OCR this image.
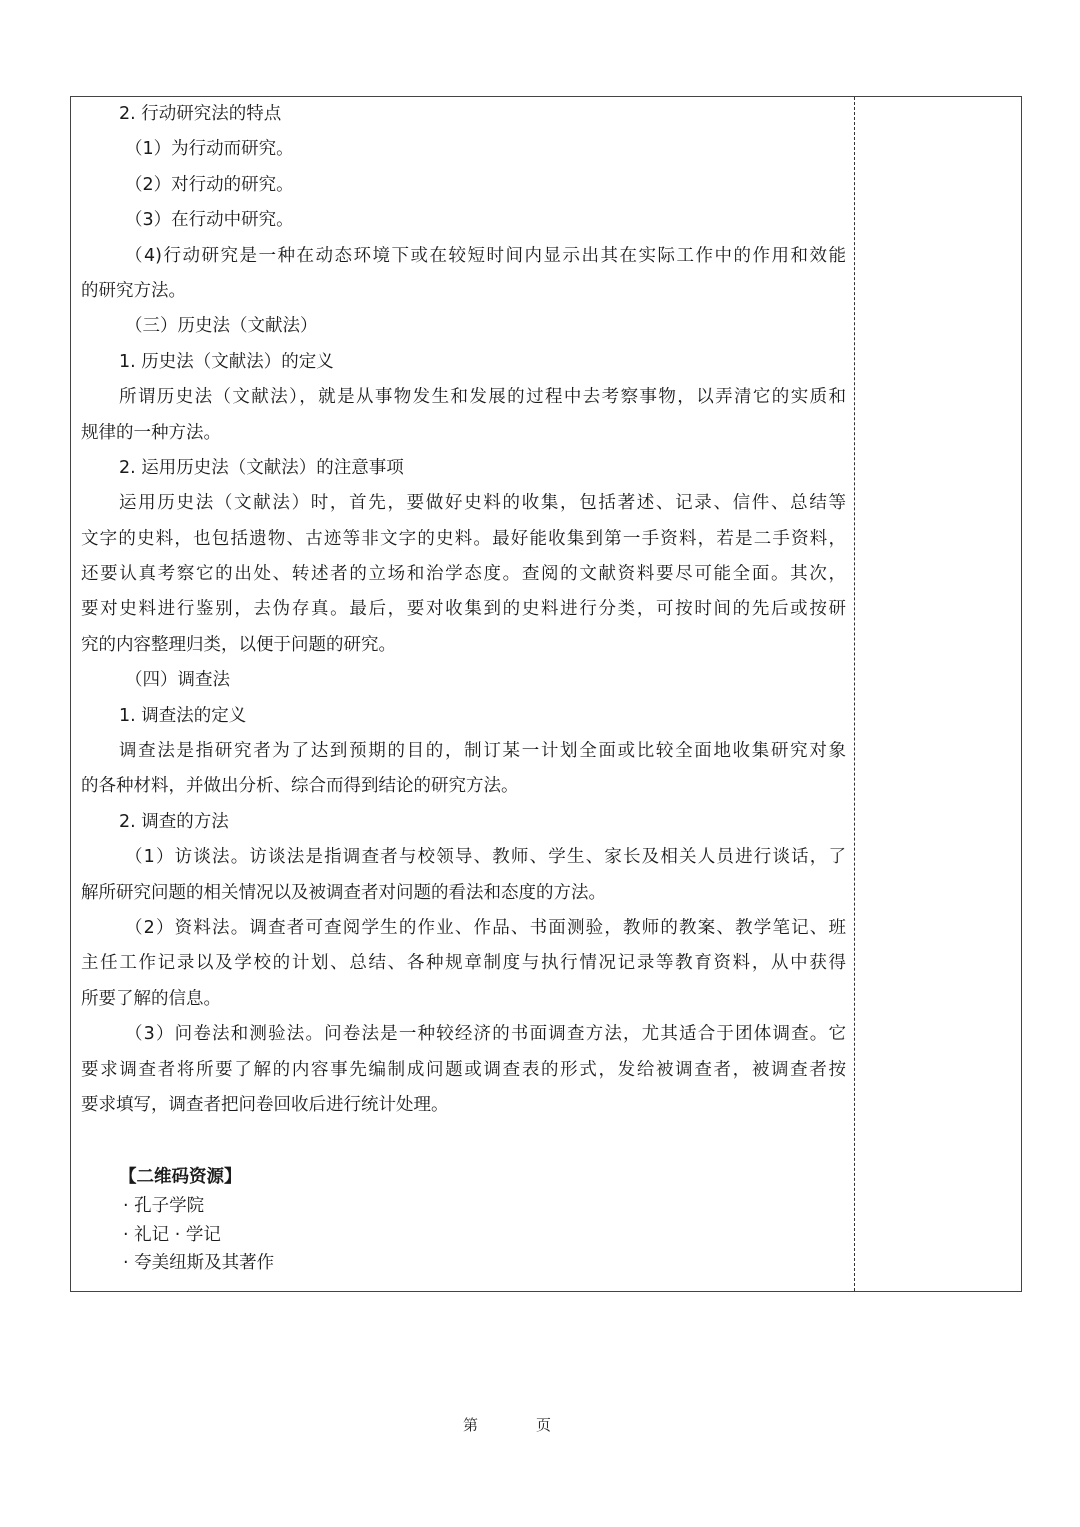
2. 行动研究法的特点
（1）为行动而研究。
（2）对行动的研究。
（3）在行动中研究。
（4)行动研究是一种在动态环境下或在较短时间内显示出其在实际工作中的作用和效能
的研究方法。
（三）历史法（文献法）
1. 历史法（文献法）的定义
所谓历史法（文献法），就是从事物发生和发展的过程中去考察事物，以弄清它的实质和
规律的一种方法。
2. 运用历史法（文献法）的注意事项
运用历史法（文献法）时，首先，要做好史料的收集，包括著述、记录、信件、总结等
文字的史料，也包括遗物、古迹等非文字的史料。最好能收集到第一手资料，若是二手资料，
还要认真考察它的出处、转述者的立场和治学态度。查阅的文献资料要尽可能全面。其次，
要对史料进行鉴别，去伪存真。最后，要对收集到的史料进行分类，可按时间的先后或按研
究的内容整理归类，以便于问题的研究。
（四）调查法
1. 调查法的定义
调查法是指研究者为了达到预期的目的，制订某一计划全面或比较全面地收集研究对象
的各种材料，并做出分析、综合而得到结论的研究方法。
2. 调查的方法
（1）访谈法。访谈法是指调查者与校领导、教师、学生、家长及相关人员进行谈话，了
解所研究问题的相关情况以及被调查者对问题的看法和态度的方法。
（2）资料法。调查者可查阅学生的作业、作品、书面测验，教师的教案、教学笔记、班
主任工作记录以及学校的计划、总结、各种规章制度与执行情况记录等教育资料，从中获得
所要了解的信息。
（3）问卷法和测验法。问卷法是一种较经济的书面调查方法，尤其适合于团体调查。它
要求调查者将所要了解的内容事先编制成问题或调查表的形式，发给被调查者，被调查者按
要求填写，调查者把问卷回收后进行统计处理。
【二维码资源】
· 孔子学院
· 礼记 · 学记
· 夸美纽斯及其著作
第	页
